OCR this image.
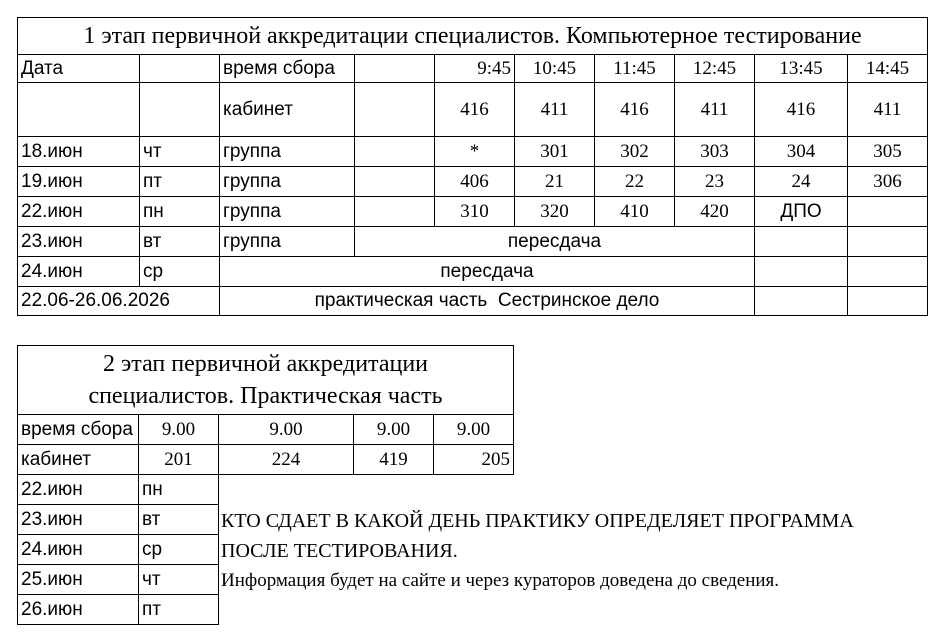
1 этап первичной аккредитации специалистов. Компьютерное тестирование
Дата	время сбора	9:45	10:45	11:45	12:45	13:45	14:45
кабинет	416	411	416	411	416	411
18.июн	чт	группа	*	301	302	303	304	305
19.июн	пт	группа	406	21	22	23	24	306
22.июн	пн	группа	310	320	410	420	ДПО
23.июн	вт	группа	пересдача
24.июн	ср	пересдача
22.06-26.06.2026	практическая часть  Сестринское дело
2 этап первичной аккредитации
специалистов. Практическая часть
время сбора	9.00	9.00	9.00	9.00
кабинет	201	224	419	205
22.июн	пн
23.июн	вт
24.июн	ср
25.июн	чт
26.июн	пт
КТО СДАЕТ В КАКОЙ ДЕНЬ ПРАКТИКУ ОПРЕДЕЛЯЕТ ПРОГРАММА
ПОСЛЕ ТЕСТИРОВАНИЯ.
Информация будет на сайте и через кураторов доведена до сведения.
